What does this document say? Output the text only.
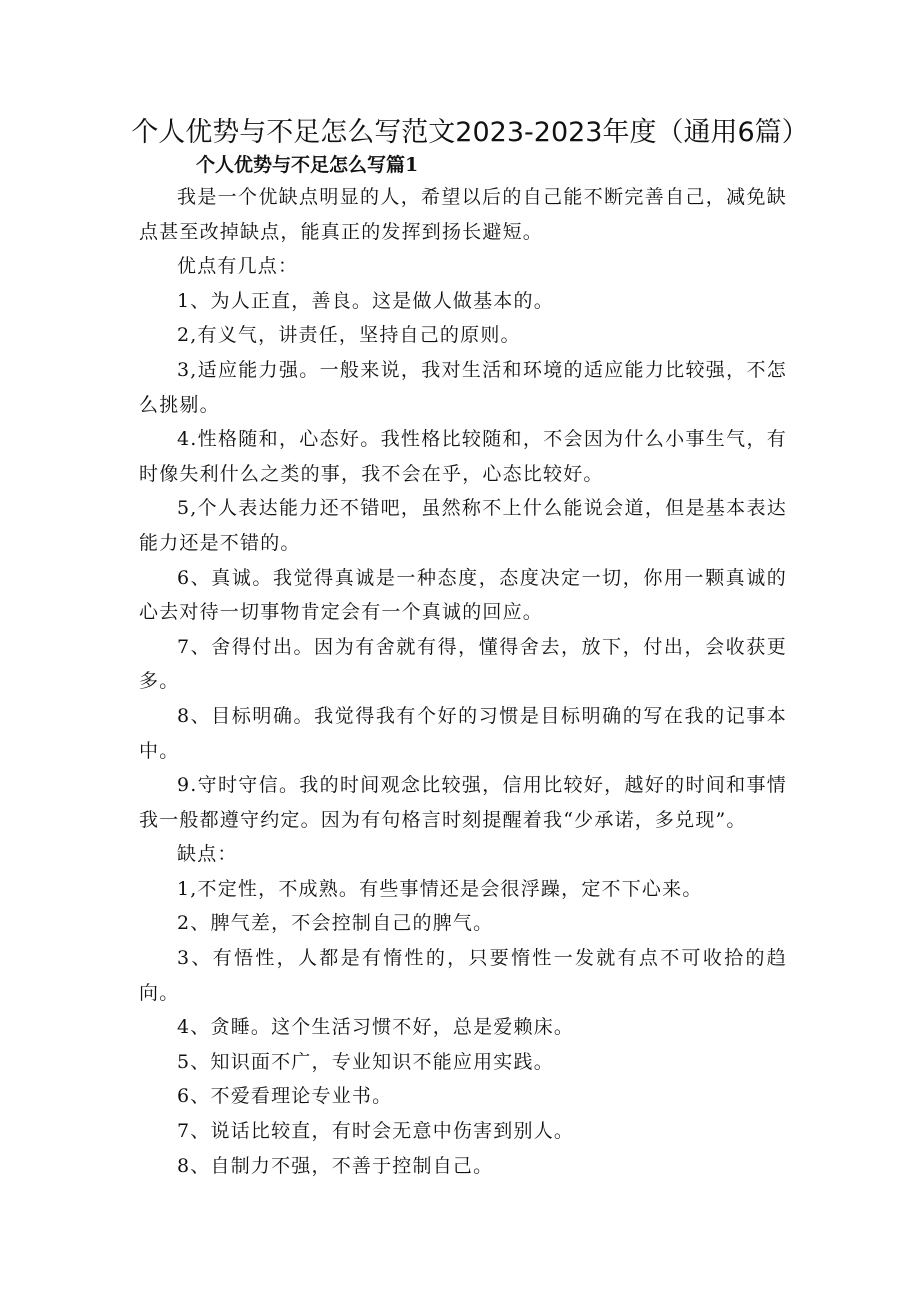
个人优势与不足怎么写范文2023-2023年度（通用6篇）
个人优势与不足怎么写篇1

我是一个优缺点明显的人，希望以后的自己能不断完善自己，减免缺点甚至改掉缺点，能真正的发挥到扬长避短。

优点有几点：

1、为人正直，善良。这是做人做基本的。

2,有义气，讲责任，坚持自己的原则。

3,适应能力强。一般来说，我对生活和环境的适应能力比较强，不怎么挑剔。

4.性格随和，心态好。我性格比较随和，不会因为什么小事生气，有时像失利什么之类的事，我不会在乎，心态比较好。

5,个人表达能力还不错吧，虽然称不上什么能说会道，但是基本表达能力还是不错的。

6、真诚。我觉得真诚是一种态度，态度决定一切，你用一颗真诚的心去对待一切事物肯定会有一个真诚的回应。

7、舍得付出。因为有舍就有得，懂得舍去，放下，付出，会收获更多。

8、目标明确。我觉得我有个好的习惯是目标明确的写在我的记事本中。

9.守时守信。我的时间观念比较强，信用比较好，越好的时间和事情我一般都遵守约定。因为有句格言时刻提醒着我“少承诺，多兑现”。

缺点：

1,不定性，不成熟。有些事情还是会很浮躁，定不下心来。

2、脾气差，不会控制自己的脾气。

3、有悟性，人都是有惰性的，只要惰性一发就有点不可收拾的趋向。

4、贪睡。这个生活习惯不好，总是爱赖床。

5、知识面不广，专业知识不能应用实践。

6、不爱看理论专业书。

7、说话比较直，有时会无意中伤害到别人。

8、自制力不强，不善于控制自己。
